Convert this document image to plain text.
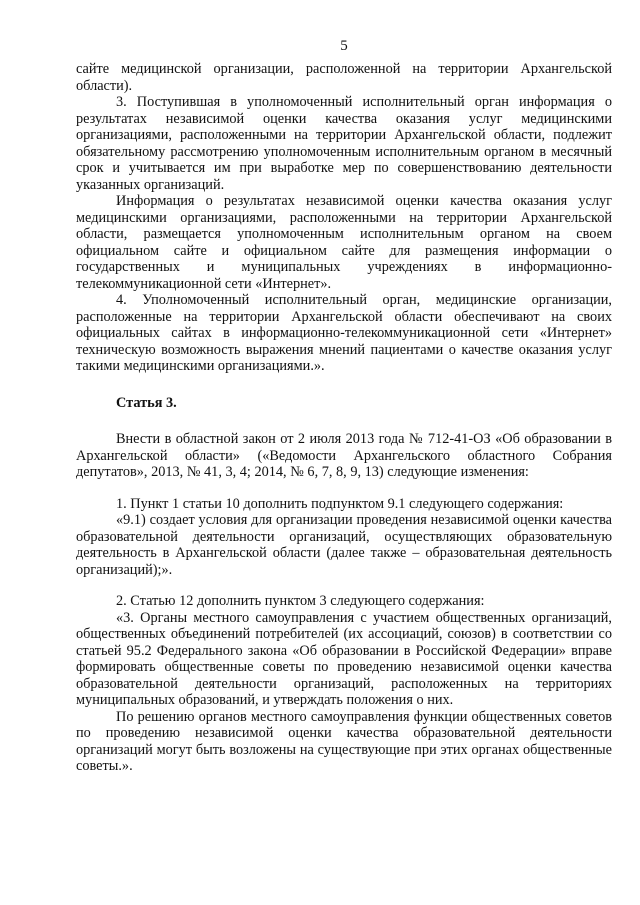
5

сайте медицинской организации, расположенной на территории Архангельской области).

3. Поступившая в уполномоченный исполнительный орган информация о результатах независимой оценки качества оказания услуг медицинскими организациями, расположенными на территории Архангельской области, подлежит обязательному рассмотрению уполномоченным исполнительным органом в месячный срок и учитывается им при выработке мер по совершенствованию деятельности указанных организаций.

Информация о результатах независимой оценки качества оказания услуг медицинскими организациями, расположенными на территории Архангельской области, размещается уполномоченным исполнительным органом на своем официальном сайте и официальном сайте для размещения информации о государственных и муниципальных учреждениях в информационно-телекоммуникационной сети «Интернет».

4. Уполномоченный исполнительный орган, медицинские организации, расположенные на территории Архангельской области обеспечивают на своих официальных сайтах в информационно-телекоммуникационной сети «Интернет» техническую возможность выражения мнений пациентами о качестве оказания услуг такими медицинскими организациями.».

Статья 3.

Внести в областной закон от 2 июля 2013 года № 712-41-ОЗ «Об образовании в Архангельской области» («Ведомости Архангельского областного Собрания депутатов», 2013, № 41, 3, 4; 2014, № 6, 7, 8, 9, 13) следующие изменения:

1. Пункт 1 статьи 10 дополнить подпунктом 9.1 следующего содержания:

«9.1) создает условия для организации проведения независимой оценки качества образовательной деятельности организаций, осуществляющих образовательную деятельность в Архангельской области (далее также – образовательная деятельность организаций);».

2. Статью 12 дополнить пунктом 3 следующего содержания:

«3. Органы местного самоуправления с участием общественных организаций, общественных объединений потребителей (их ассоциаций, союзов) в соответствии со статьей 95.2 Федерального закона «Об образовании в Российской Федерации» вправе формировать общественные советы по проведению независимой оценки качества образовательной деятельности организаций, расположенных на территориях муниципальных образований, и утверждать положения о них.

По решению органов местного самоуправления функции общественных советов по проведению независимой оценки качества образовательной деятельности организаций могут быть возложены на существующие при этих органах общественные советы.».
